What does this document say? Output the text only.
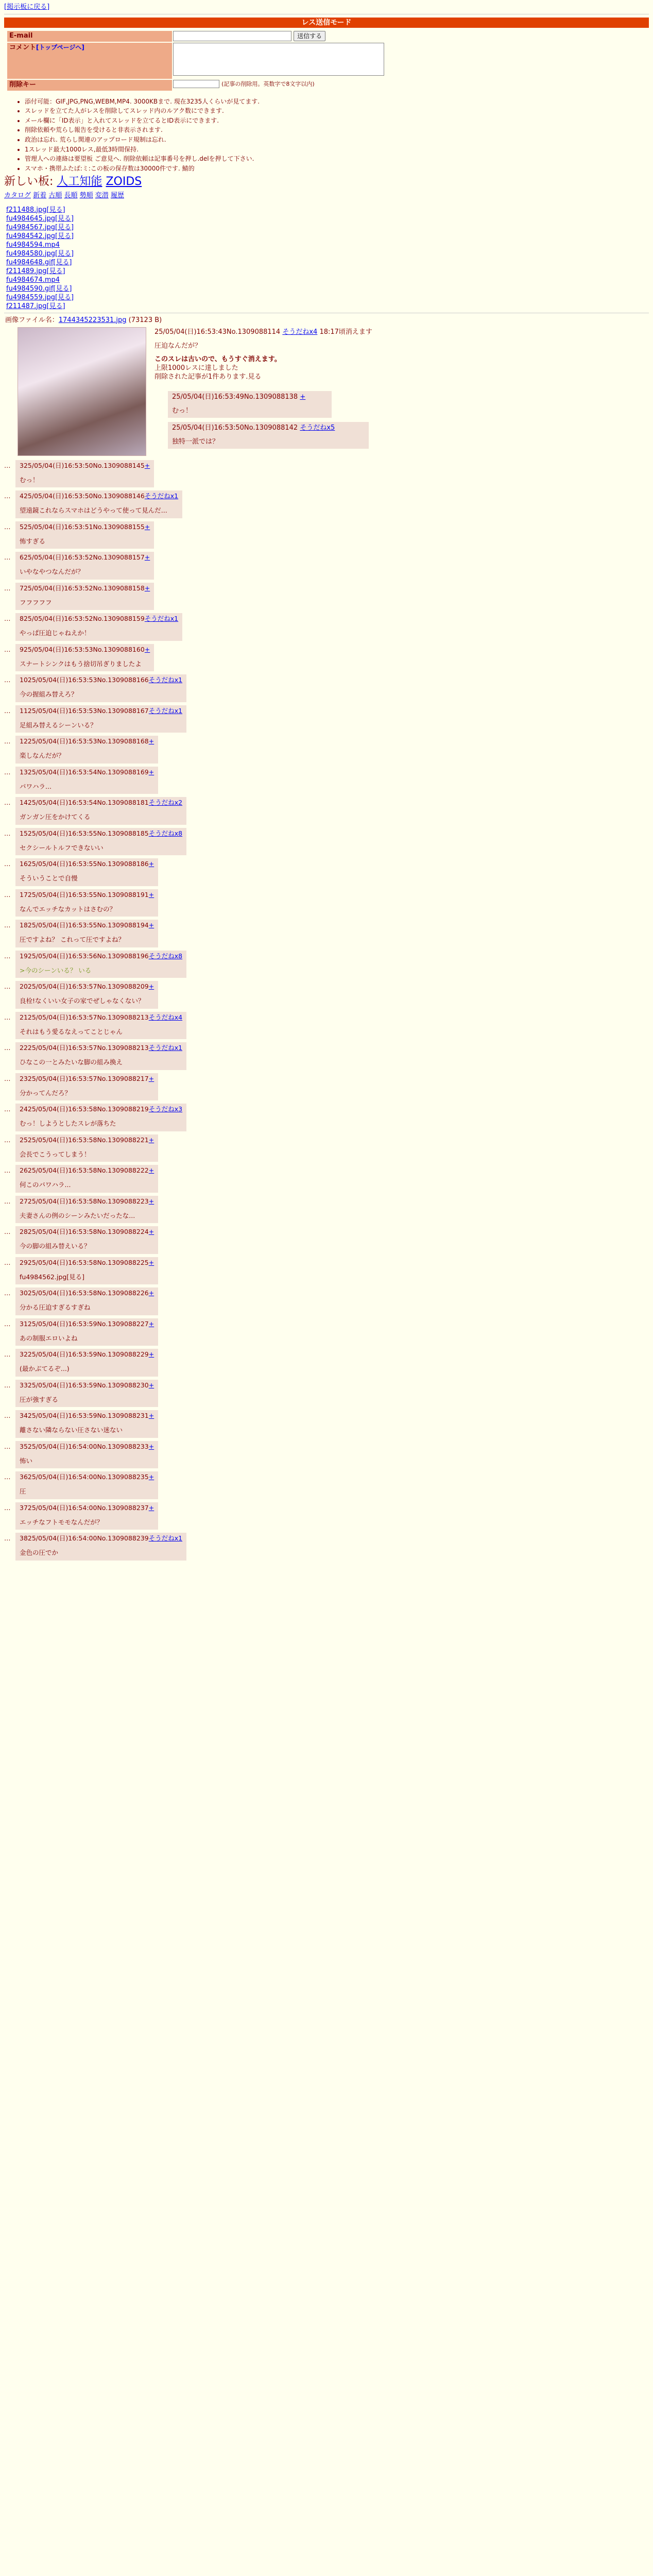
[掲示板に戻る]
レス送信モード
E-mail	送信する
コメント[トップページへ]	
削除キー	(記事の削除用。英数字で8文字以内)
• 添付可能：GIF,JPG,PNG,WEBM,MP4. 3000KBまで. 現在3235人くらいが見てます.
• スレッドを立てた人がレスを削除してスレッド内のルアク数にできます.
• メール欄に「ID表示」と入れてスレッドを立てるとID表示にできます.
• 削除依頼や荒らし報告を受けると非表示されます.
• 政治は忘れ. 荒らし関連のアップロード規制は忘れ.
• 1スレッド最大1000レス,最低3時間保持.
• 管理人への連絡は要望板 ご意見へ. 削除依頼は記事番号を押し.delを押して下さい.
• スマホ・携帯ふたば:ミ:この板の保存数は30000件です. 鯖的
新しい板: 人工知能 ZOIDS
カタログ 新着 古順 長順 勢順 変潜 履歴
f211488.jpg[見る]
fu4984645.jpg[見る]
fu4984567.jpg[見る]
fu4984542.jpg[見る]
fu4984594.mp4
fu4984580.jpg[見る]
fu4984648.gif[見る]
f211489.jpg[見る]
fu4984674.mp4
fu4984590.gif[見る]
fu4984559.jpg[見る]
f211487.jpg[見る]
画像ファイル名：1744345223531.jpg (73123 B)

25/05/04(日)16:53:43No.1309088114 そうだねx4 18:17頃消えます

圧迫なんだが？

このスレは古いので、もうすぐ消えます。

上限1000レスに達しました

削除された記事が1件あります.見る

25/05/04(日)16:53:49No.1309088138 +
むっ！
25/05/04(日)16:53:50No.1309088142 そうだねx5
独特一派では？
… 325/05/04(日)16:53:50No.1309088145+
むっ！
… 425/05/04(日)16:53:50No.1309088146そうだねx1
望遠鏡これならスマホはどうやって使って見んだ...
… 525/05/04(日)16:53:51No.1309088155+
怖すぎる
… 625/05/04(日)16:53:52No.1309088157+
いやなやつなんだが？
… 725/05/04(日)16:53:52No.1309088158+
フフフフフ
… 825/05/04(日)16:53:52No.1309088159そうだねx1
やっぱ圧迫じゃねえか！
… 925/05/04(日)16:53:53No.1309088160+
スナートシンクはもう捨切吊ぎりましたよ
… 1025/05/04(日)16:53:53No.1309088166そうだねx1
今の握組み替えろ？
… 1125/05/04(日)16:53:53No.1309088167そうだねx1
足組み替えるシーンいる？
… 1225/05/04(日)16:53:53No.1309088168+
楽しなんだが？
… 1325/05/04(日)16:53:54No.1309088169+
パワハラ...
… 1425/05/04(日)16:53:54No.1309088181そうだねx2
ガンガン圧をかけてくる
… 1525/05/04(日)16:53:55No.1309088185そうだねx8
セクシールトルフできないい
… 1625/05/04(日)16:53:55No.1309088186+
そういうことで自慢
… 1725/05/04(日)16:53:55No.1309088191+
なんでエッチなカットはさむの？
… 1825/05/04(日)16:53:55No.1309088194+
圧ですよね？ これって圧ですよね？
… 1925/05/04(日)16:53:56No.1309088196そうだねx8
>今のシーンいる？ いる
… 2025/05/04(日)16:53:57No.1309088209+
良栓!なくいい女子の家でぜしゃなくない？
… 2125/05/04(日)16:53:57No.1309088213そうだねx4
それはもう愛るなえってことじゃん
… 2225/05/04(日)16:53:57No.1309088213そうだねx1
ひなこの一とみたいな脚の組み換え
… 2325/05/04(日)16:53:57No.1309088217+
分かってんだろ？
… 2425/05/04(日)16:53:58No.1309088219そうだねx3
むっ！しようとしたスレが落ちた
… 2525/05/04(日)16:53:58No.1309088221+
会長でこうってしまう！
… 2625/05/04(日)16:53:58No.1309088222+
何このパワハラ...
… 2725/05/04(日)16:53:58No.1309088223+
夫妻さんの例のシーンみたいだったな...
… 2825/05/04(日)16:53:58No.1309088224+
今の脚の組み替えいる？
… 2925/05/04(日)16:53:58No.1309088225+
fu4984562.jpg[見る]
… 3025/05/04(日)16:53:58No.1309088226+
分かる圧迫すぎるすぎね
… 3125/05/04(日)16:53:59No.1309088227+
あの制服エロいよね
… 3225/05/04(日)16:53:59No.1309088229+
(最かぶてるぞ...)
… 3325/05/04(日)16:53:59No.1309088230+
圧が強すぎる
… 3425/05/04(日)16:53:59No.1309088231+
離さない隣ならない圧さない迷ない
… 3525/05/04(日)16:54:00No.1309088233+
怖い
… 3625/05/04(日)16:54:00No.1309088235+
圧
… 3725/05/04(日)16:54:00No.1309088237+
エッチなフトモモなんだが？
… 3825/05/04(日)16:54:00No.1309088239そうだねx1
金色の圧でか
